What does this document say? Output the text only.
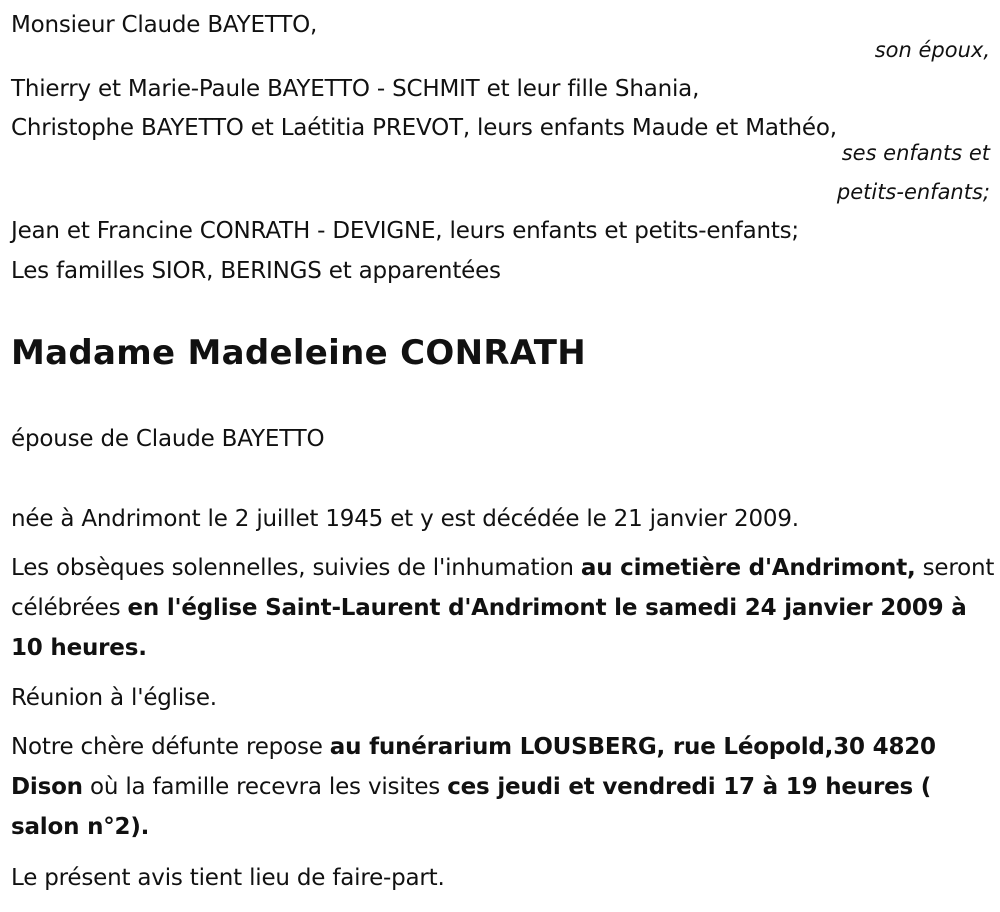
Monsieur Claude BAYETTO,
son époux,
Thierry et Marie-Paule BAYETTO - SCHMIT et leur fille Shania,
Christophe BAYETTO et Laétitia PREVOT, leurs enfants Maude et Mathéo,
ses enfants et
petits-enfants;
Jean et Francine CONRATH - DEVIGNE, leurs enfants et petits-enfants;
Les familles SIOR, BERINGS et apparentées
Madame Madeleine CONRATH
épouse de Claude BAYETTO
née à Andrimont le 2 juillet 1945 et y est décédée le 21 janvier 2009.
Les obsèques solennelles, suivies de l'inhumation au cimetière d'Andrimont, seront célébrées en l'église Saint-Laurent d'Andrimont le samedi 24 janvier 2009 à 10 heures.
Réunion à l'église.
Notre chère défunte repose au funérarium LOUSBERG, rue Léopold,30 4820 Dison où la famille recevra les visites ces jeudi et vendredi 17 à 19 heures ( salon n°2).
Le présent avis tient lieu de faire-part.
